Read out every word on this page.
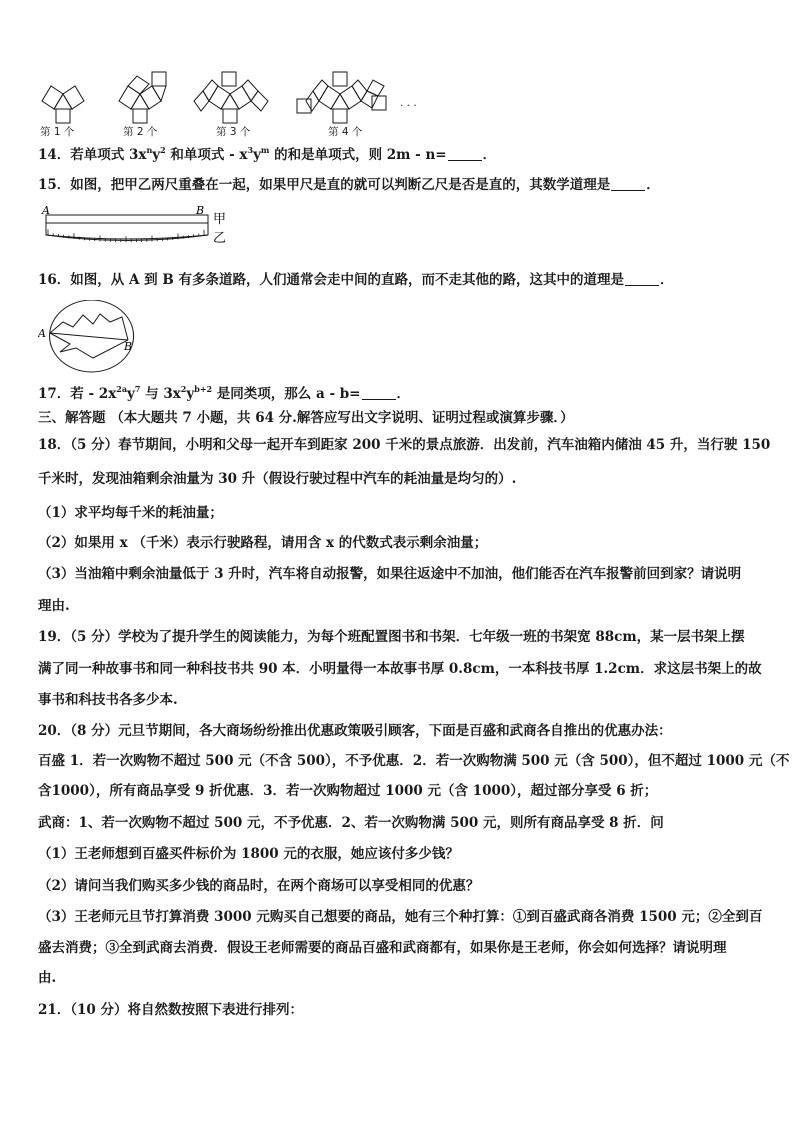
第 1 个	第 2 个	第 3 个	第 4 个
· · ·
14．若单项式 $3x^ny^2$ 和单项式 - $x^3y^m$ 的和是单项式，则 2m - n=	．
15．如图，把甲乙两尺重叠在一起，如果甲尺是直的就可以判断乙尺是否是直的，其数学道理是	．
A	B
甲
乙
16．如图，从 A 到 B 有多条道路，人们通常会走中间的直路，而不走其他的路，这其中的道理是	．
A
B
17．若 - $2x^{2a}y^7$ 与 $3x^2y^{b+2}$ 是同类项，那么 a - b=	．
三、解答题 （本大题共 7 小题，共 64 分.解答应写出文字说明、证明过程或演算步骤．）
18．（5 分）春节期间，小明和父母一起开车到距家 200 千米的景点旅游．出发前，汽车油箱内储油 45 升，当行驶 150
千米时，发现油箱剩余油量为 30 升（假设行驶过程中汽车的耗油量是均匀的）.
（1）求平均每千米的耗油量；
（2）如果用 x （千米）表示行驶路程，请用含 x 的代数式表示剩余油量；
（3）当油箱中剩余油量低于 3 升时，汽车将自动报警，如果往返途中不加油，他们能否在汽车报警前回到家？请说明
理由.
19．（5 分）学校为了提升学生的阅读能力，为每个班配置图书和书架．七年级一班的书架宽 88cm，某一层书架上摆
满了同一种故事书和同一种科技书共 90 本．小明量得一本故事书厚 0.8cm，一本科技书厚 1.2cm．求这层书架上的故
事书和科技书各多少本.
20．（8 分）元旦节期间，各大商场纷纷推出优惠政策吸引顾客，下面是百盛和武商各自推出的优惠办法：
百盛 1．若一次购物不超过 500 元（不含 500），不予优惠．2．若一次购物满 500 元（含 500），但不超过 1000 元（不
含1000），所有商品享受 9 折优惠．3．若一次购物超过 1000 元（含 1000），超过部分享受 6 折；
武商：1、若一次购物不超过 500 元，不予优惠．2、若一次购物满 500 元，则所有商品享受 8 折．问
（1）王老师想到百盛买件标价为 1800 元的衣服，她应该付多少钱？
（2）请问当我们购买多少钱的商品时，在两个商场可以享受相同的优惠？
（3）王老师元旦节打算消费 3000 元购买自己想要的商品，她有三个种打算：①到百盛武商各消费 1500 元；②全到百
盛去消费；③全到武商去消费．假设王老师需要的商品百盛和武商都有，如果你是王老师，你会如何选择？请说明理
由.
21．（10 分）将自然数按照下表进行排列：
